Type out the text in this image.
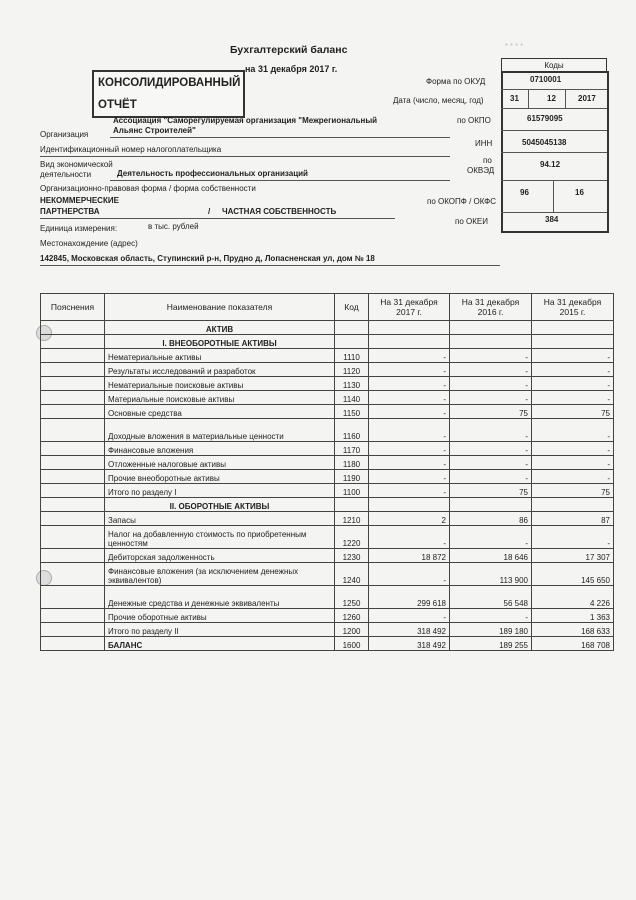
▪ ▪ ▪ ▪
Бухгалтерский баланс
на 31 декабря 2017 г.
КОНСОЛИДИРОВАННЫЙ
ОТЧЁТ
Коды
Форма по ОКУД	0710001
Дата (число, месяц, год)	31	12	2017
по ОКПО	61579095
ИНН	5045045138
по
ОКВЭД
94.12
по ОКОПФ / ОКФС
96	16
по ОКЕИ	384
Ассоциация "Саморегулируемая организация "Межрегиональный
Организация	Альянс Строителей"
Идентификационный номер налогоплательщика
Вид экономической
деятельности	Деятельность профессиональных организаций
Организационно-правовая форма / форма собственности
НЕКОММЕРЧЕСКИЕ
ПАРТНЕРСТВА	/ ЧАСТНАЯ СОБСТВЕННОСТЬ
Единица измерения:	в тыс. рублей
Местонахождение (адрес)
142845, Московская область, Ступинский р-н, Прудно д, Лопасненская ул, дом № 18
Пояснения	Наименование показателя	Код	На 31 декабря 2017 г.	На 31 декабря 2016 г.	На 31 декабря 2015 г.
	АКТИВ				
	I. ВНЕОБОРОТНЫЕ АКТИВЫ				
	Нематериальные активы	1110	-	-	-
	Результаты исследований и разработок	1120	-	-	-
	Нематериальные поисковые активы	1130	-	-	-
	Материальные поисковые активы	1140	-	-	-
	Основные средства	1150	-	75	75
	Доходные вложения в материальные ценности	1160	-	-	-
	Финансовые вложения	1170	-	-	-
	Отложенные налоговые активы	1180	-	-	-
	Прочие внеоборотные активы	1190	-	-	-
	Итого по разделу I	1100	-	75	75
	II. ОБОРОТНЫЕ АКТИВЫ				
	Запасы	1210	2	86	87
	Налог на добавленную стоимость по приобретенным ценностям	1220	-	-	-
	Дебиторская задолженность	1230	18 872	18 646	17 307
	Финансовые вложения (за исключением денежных эквивалентов)	1240	-	113 900	145 650
	Денежные средства и денежные эквиваленты	1250	299 618	56 548	4 226
	Прочие оборотные активы	1260	-	-	1 363
	Итого по разделу II	1200	318 492	189 180	168 633
	БАЛАНС	1600	318 492	189 255	168 708
